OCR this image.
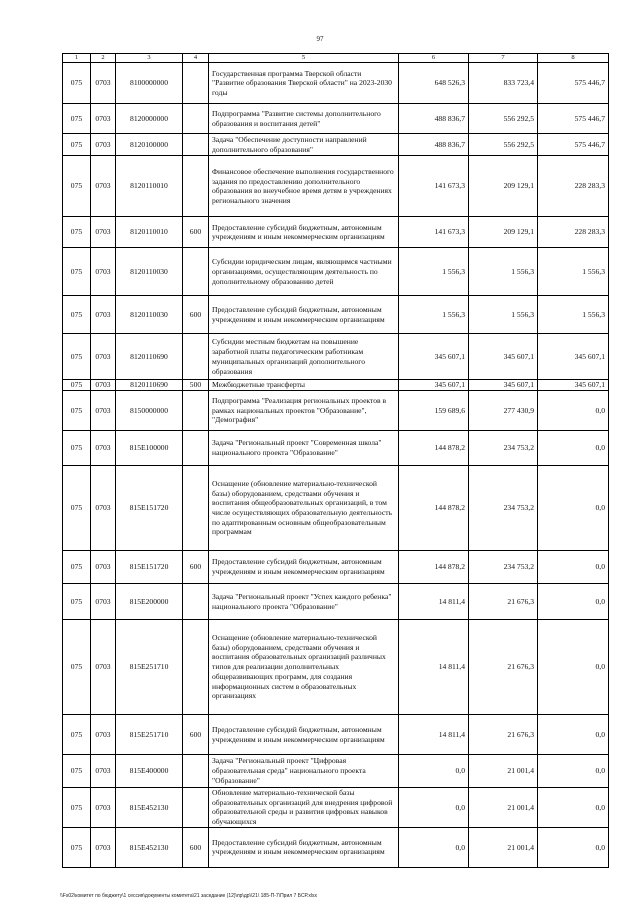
97
1	2	3	4	5	6	7	8
075	0703	8100000000		Государственная программа Тверской области "Развитие образования Тверской области" на 2023-2030 годы	648 526,3	833 723,4	575 446,7
075	0703	8120000000		Подпрограмма "Развитие системы дополнительного образования и воспитания детей"	488 836,7	556 292,5	575 446,7
075	0703	8120100000		Задача "Обеспечение доступности направлений дополнительного образования"	488 836,7	556 292,5	575 446,7
075	0703	8120110010		Финансовое обеспечение выполнения государственного задания по предоставлению дополнительного образования во внеучебное время детям в учреждениях регионального значения	141 673,3	209 129,1	228 283,3
075	0703	8120110010	600	Предоставление субсидий бюджетным, автономным учреждениям и иным некоммерческим организациям	141 673,3	209 129,1	228 283,3
075	0703	8120110030		Субсидии юридическим лицам, являющимся частными организациями, осуществляющим деятельность по дополнительному образованию детей	1 556,3	1 556,3	1 556,3
075	0703	8120110030	600	Предоставление субсидий бюджетным, автономным учреждениям и иным некоммерческим организациям	1 556,3	1 556,3	1 556,3
075	0703	8120110690		Субсидии местным бюджетам на повышение заработной платы педагогическим работникам муниципальных организаций дополнительного образования	345 607,1	345 607,1	345 607,1
075	0703	8120110690	500	Межбюджетные трансферты	345 607,1	345 607,1	345 607,1
075	0703	8150000000		Подпрограмма "Реализация региональных проектов в рамках национальных проектов "Образование", "Демография"	159 689,6	277 430,9	0,0
075	0703	815E100000		Задача "Региональный проект "Современная школа" национального проекта "Образование"	144 878,2	234 753,2	0,0
075	0703	815E151720		Оснащение (обновление материально-технической базы) оборудованием, средствами обучения и воспитания общеобразовательных организаций, в том числе осуществляющих образовательную деятельность по адаптированным основным общеобразовательным программам	144 878,2	234 753,2	0,0
075	0703	815E151720	600	Предоставление субсидий бюджетным, автономным учреждениям и иным некоммерческим организациям	144 878,2	234 753,2	0,0
075	0703	815E200000		Задача "Региональный проект "Успех каждого ребенка" национального проекта "Образование"	14 811,4	21 676,3	0,0
075	0703	815E251710		Оснащение (обновление материально-технической базы) оборудованием, средствами обучения и воспитания образовательных организаций различных типов для реализации дополнительных общеразвивающих программ, для создания информационных систем в образовательных организациях	14 811,4	21 676,3	0,0
075	0703	815E251710	600	Предоставление субсидий бюджетным, автономным учреждениям и иным некоммерческим организациям	14 811,4	21 676,3	0,0
075	0703	815E400000		Задача "Региональный проект "Цифровая образовательная среда" национального проекта "Образование"	0,0	21 001,4	0,0
075	0703	815E452130		Обновление материально-технической базы образовательных организаций для внедрения цифровой образовательной среды и развития цифровых навыков обучающихся	0,0	21 001,4	0,0
075	0703	815E452130	600	Предоставление субсидий бюджетным, автономным учреждениям и иным некоммерческим организациям	0,0	21 001,4	0,0
\\Fs02\комитет по бюджету\1 сессия\документы комитета\21 заседание (12)\пр\др\\21\ 185-П-7\Прил 7 БСР.xlsx
